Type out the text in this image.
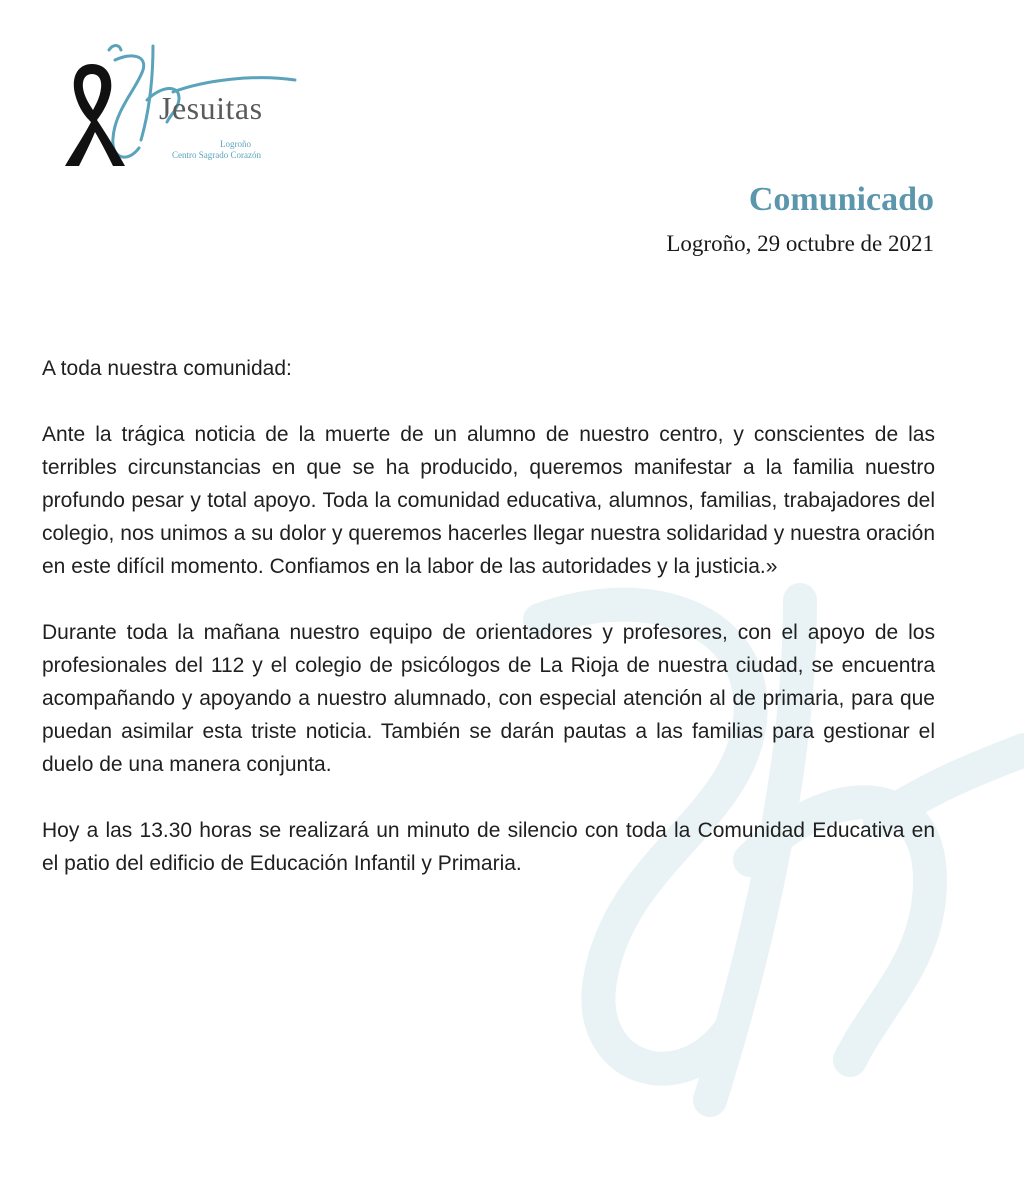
Jesuitas
Logroño
Centro Sagrado Corazón
Comunicado
Logroño, 29 octubre de 2021

A toda nuestra comunidad:

Ante la trágica noticia de la muerte de un alumno de nuestro centro, y conscientes de las terribles circunstancias en que se ha producido, queremos manifestar a la familia nuestro profundo pesar y total apoyo. Toda la comunidad educativa, alumnos, familias, trabajadores del colegio, nos unimos a su dolor y queremos hacerles llegar nuestra solidaridad y nuestra oración en este difícil momento. Confiamos en la labor de las autoridades y la justicia.»

Durante toda la mañana nuestro equipo de orientadores y profesores, con el apoyo de los profesionales del 112 y el colegio de psicólogos de La Rioja de nuestra ciudad, se encuentra acompañando y apoyando a nuestro alumnado, con especial atención al de primaria, para que puedan asimilar esta triste noticia. También se darán pautas a las familias para gestionar el duelo de una manera conjunta.

Hoy a las 13.30 horas se realizará un minuto de silencio con toda la Comunidad Educativa en el patio del edificio de Educación Infantil y Primaria.
